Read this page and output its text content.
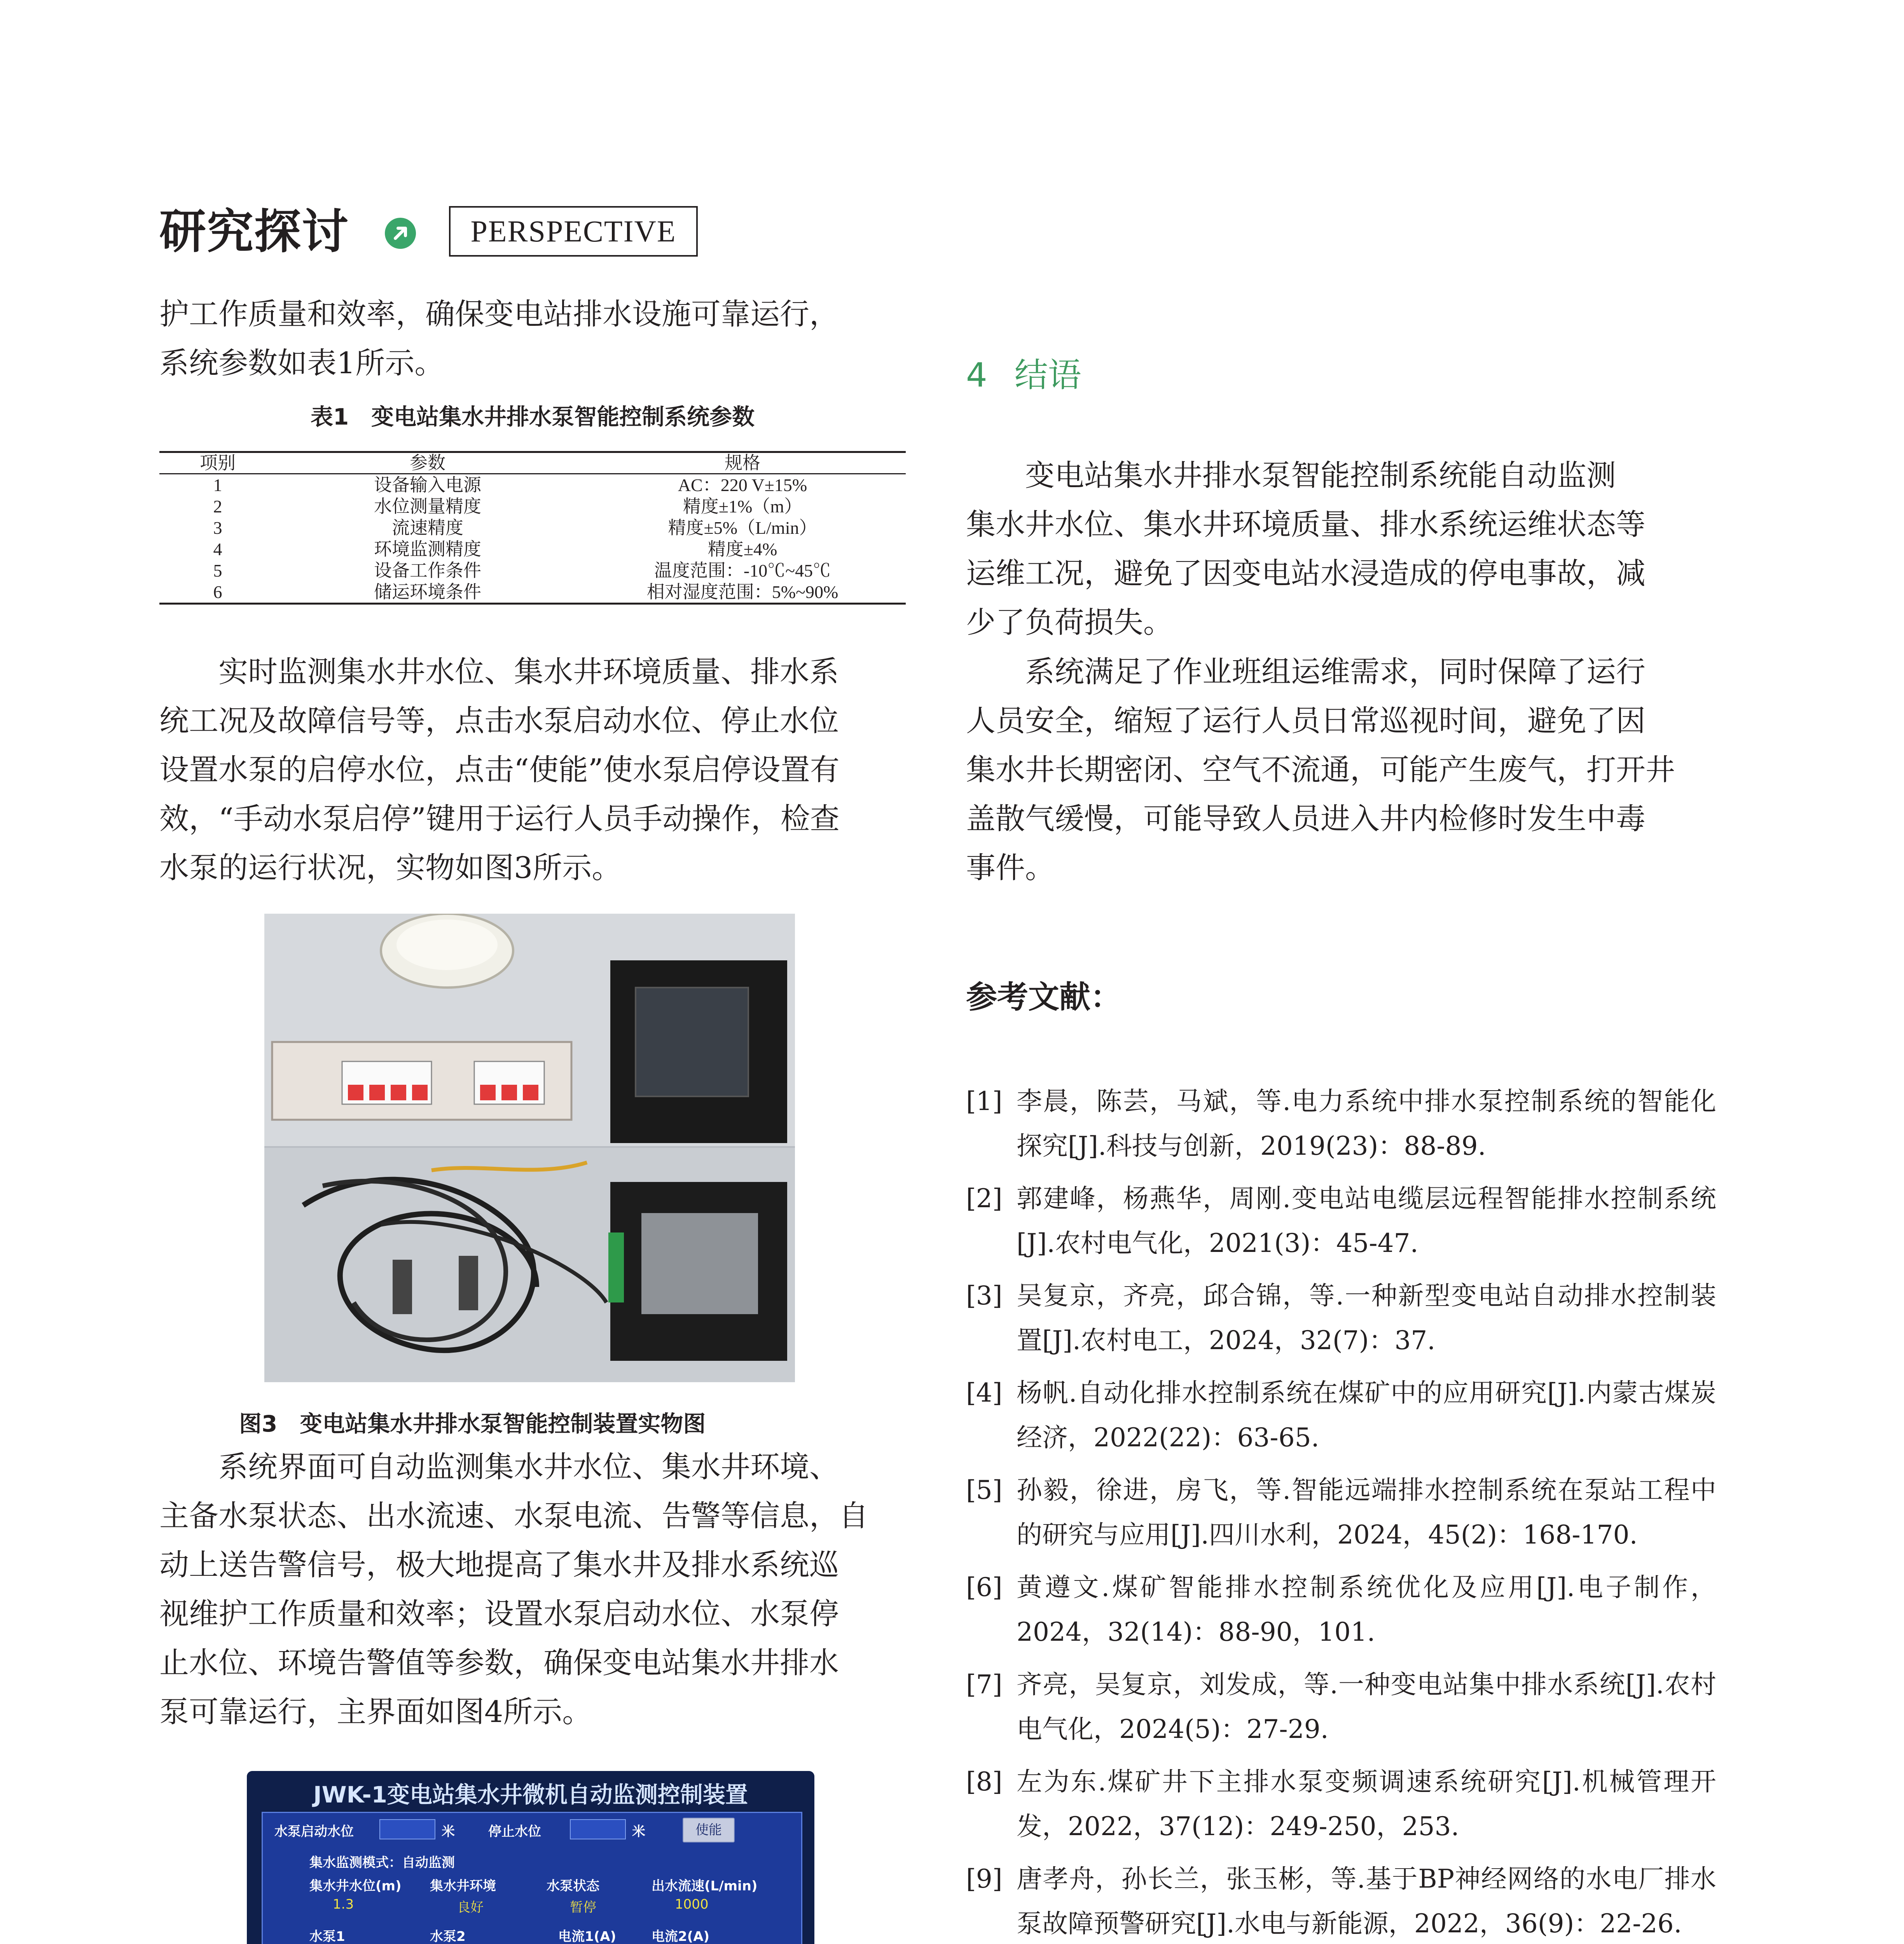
研究探讨	PERSPECTIVE

护工作质量和效率，确保变电站排水设施可靠运行，

系统参数如表1所示。

表1　变电站集水井排水泵智能控制系统参数
项别	参数	规格
1	设备输入电源	AC：220 V±15%
2	水位测量精度	精度±1%（m）
3	流速精度	精度±5%（L/min）
4	环境监测精度	精度±4%
5	设备工作条件	温度范围：-10℃~45℃
6	储运环境条件	相对湿度范围：5%~90%

实时监测集水井水位、集水井环境质量、排水系

统工况及故障信号等，点击水泵启动水位、停止水位

设置水泵的启停水位，点击“使能”使水泵启停设置有

效，“手动水泵启停”键用于运行人员手动操作，检查

水泵的运行状况，实物如图3所示。

图3　变电站集水井排水泵智能控制装置实物图

系统界面可自动监测集水井水位、集水井环境、

主备水泵状态、出水流速、水泵电流、告警等信息，自

动上送告警信号，极大地提高了集水井及排水系统巡

视维护工作质量和效率；设置水泵启动水位、水泵停

止水位、环境告警值等参数，确保变电站集水井排水

泵可靠运行，主界面如图4所示。

JWK-1变电站集水井微机自动监测控制装置
水泵启动水位	米	停止水位	米	使能
集水监测模式：自动监测
集水井水位(m) 集水井环境	水泵状态	出水流速(L/min)
1.3	良好	暂停	1000
水泵1	水泵2	电流1(A)	电流2(A)
4 结语

变电站集水井排水泵智能控制系统能自动监测

集水井水位、集水井环境质量、排水系统运维状态等

运维工况，避免了因变电站水浸造成的停电事故，减

少了负荷损失。

系统满足了作业班组运维需求，同时保障了运行

人员安全，缩短了运行人员日常巡视时间，避免了因

集水井长期密闭、空气不流通，可能产生废气，打开井

盖散气缓慢，可能导致人员进入井内检修时发生中毒

事件。

参考文献：
[1] 李晨，陈芸，马斌，等.电力系统中排水泵控制系统的智能化探究[J].科技与创新，2019(23)：88-89.
[2] 郭建峰，杨燕华，周刚.变电站电缆层远程智能排水控制系统[J].农村电气化，2021(3)：45-47.
[3] 吴复京，齐亮，邱合锦，等.一种新型变电站自动排水控制装置[J].农村电工，2024，32(7)：37.
[4] 杨帆.自动化排水控制系统在煤矿中的应用研究[J].内蒙古煤炭经济，2022(22)：63-65.
[5] 孙毅，徐进，房飞，等.智能远端排水控制系统在泵站工程中的研究与应用[J].四川水利，2024，45(2)：168-170.
[6] 黄遵文.煤矿智能排水控制系统优化及应用[J].电子制作，2024，32(14)：88-90，101.
[7] 齐亮，吴复京，刘发成，等.一种变电站集中排水系统[J].农村电气化，2024(5)：27-29.
[8] 左为东.煤矿井下主排水泵变频调速系统研究[J].机械管理开发，2022，37(12)：249-250，253.
[9] 唐孝舟，孙长兰，张玉彬，等.基于BP神经网络的水电厂排水泵故障预警研究[J].水电与新能源，2022，36(9)：22-26.
